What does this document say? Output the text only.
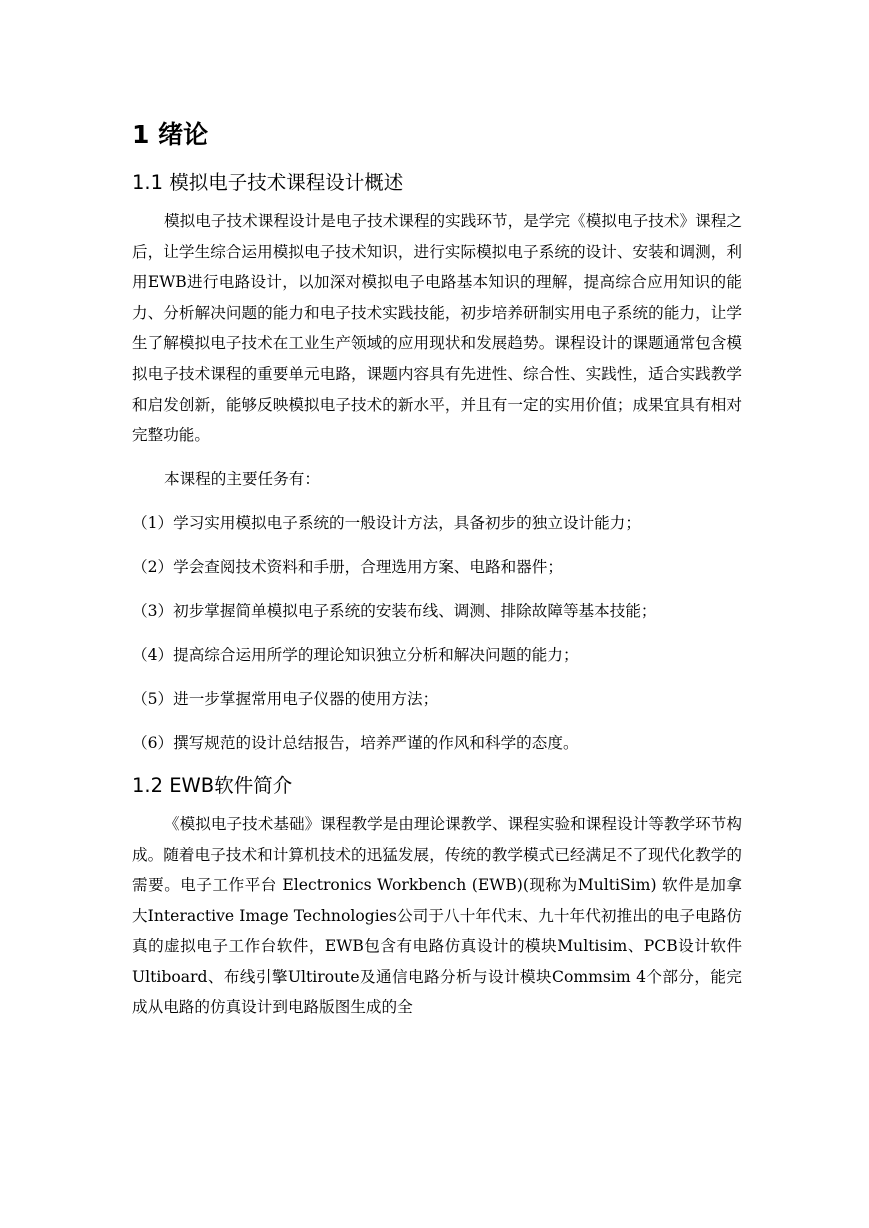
1 绪论
1.1 模拟电子技术课程设计概述

模拟电子技术课程设计是电子技术课程的实践环节，是学完《模拟电子技术》课程之后，让学生综合运用模拟电子技术知识，进行实际模拟电子系统的设计、安装和调测，利用EWB进行电路设计，以加深对模拟电子电路基本知识的理解，提高综合应用知识的能力、分析解决问题的能力和电子技术实践技能，初步培养研制实用电子系统的能力，让学生了解模拟电子技术在工业生产领域的应用现状和发展趋势。课程设计的课题通常包含模拟电子技术课程的重要单元电路，课题内容具有先进性、综合性、实践性，适合实践教学和启发创新，能够反映模拟电子技术的新水平，并且有一定的实用价值；成果宜具有相对完整功能。

本课程的主要任务有：

（1）学习实用模拟电子系统的一般设计方法，具备初步的独立设计能力；
（2）学会查阅技术资料和手册，合理选用方案、电路和器件；
（3）初步掌握简单模拟电子系统的安装布线、调测、排除故障等基本技能；
（4）提高综合运用所学的理论知识独立分析和解决问题的能力；
（5）进一步掌握常用电子仪器的使用方法；
（6）撰写规范的设计总结报告，培养严谨的作风和科学的态度。
1.2 EWB软件简介

《模拟电子技术基础》课程教学是由理论课教学、课程实验和课程设计等教学环节构成。随着电子技术和计算机技术的迅猛发展，传统的教学模式已经满足不了现代化教学的需要。电子工作平台 Electronics Workbench (EWB)(现称为MultiSim) 软件是加拿大Interactive Image Technologies公司于八十年代末、九十年代初推出的电子电路仿真的虚拟电子工作台软件，EWB包含有电路仿真设计的模块Multisim、PCB设计软件Ultiboard、布线引擎Ultiroute及通信电路分析与设计模块Commsim 4个部分，能完成从电路的仿真设计到电路版图生成的全
